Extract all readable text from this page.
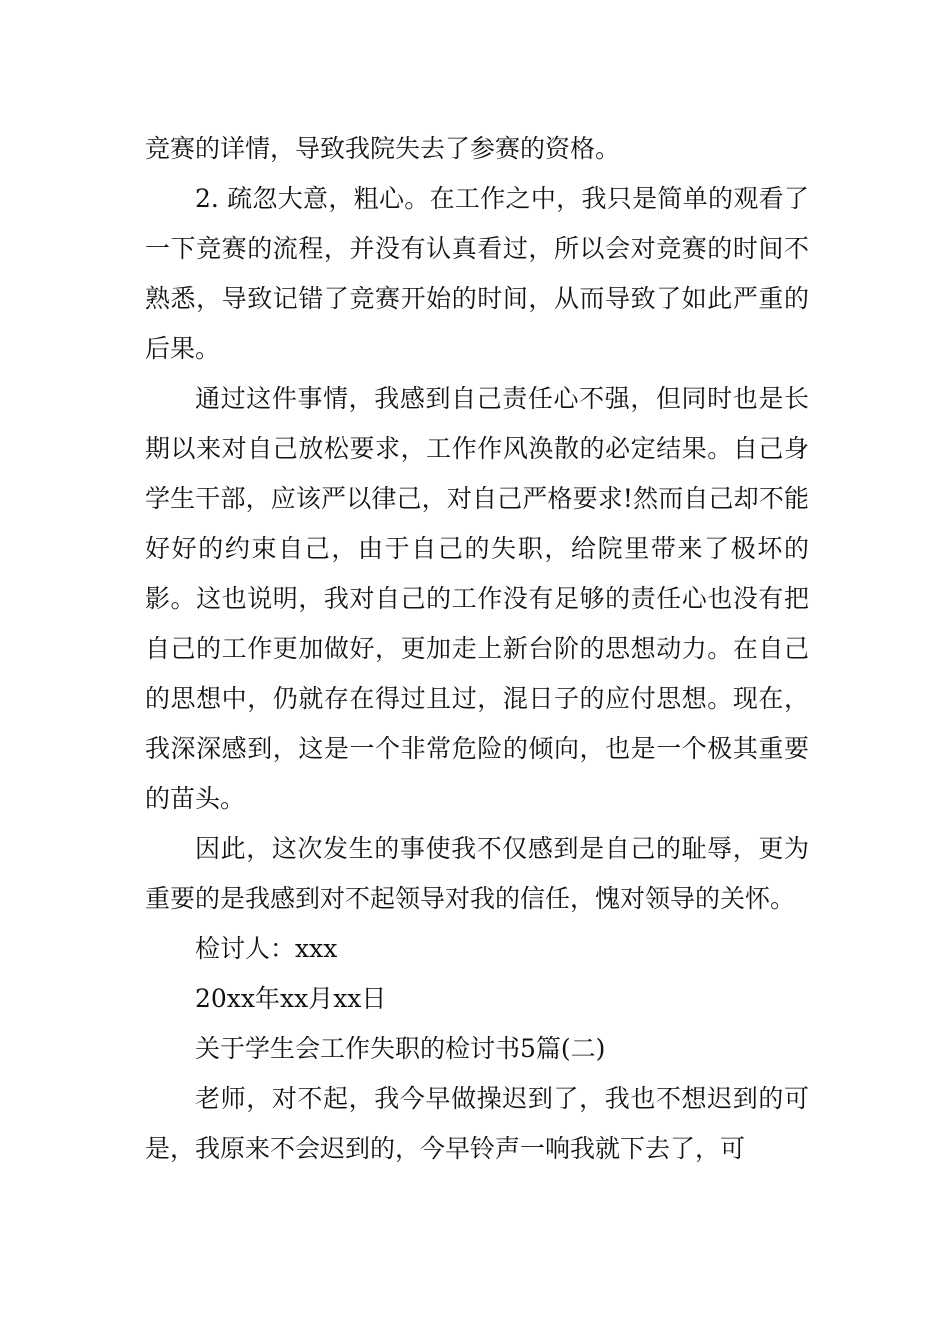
竞赛的详情，导致我院失去了参赛的资格。

2. 疏忽大意，粗心。在工作之中，我只是简单的观看了一下竞赛的流程，并没有认真看过，所以会对竞赛的时间不熟悉，导致记错了竞赛开始的时间，从而导致了如此严重的后果。

通过这件事情，我感到自己责任心不强，但同时也是长期以来对自己放松要求，工作作风涣散的必定结果。自己身学生干部，应该严以律己，对自己严格要求!然而自己却不能好好的约束自己，由于自己的失职，给院里带来了极坏的影。这也说明，我对自己的工作没有足够的责任心也没有把自己的工作更加做好，更加走上新台阶的思想动力。在自己的思想中，仍就存在得过且过，混日子的应付思想。现在，我深深感到，这是一个非常危险的倾向，也是一个极其重要的苗头。

因此，这次发生的事使我不仅感到是自己的耻辱，更为重要的是我感到对不起领导对我的信任，愧对领导的关怀。

检讨人：xxx

20xx年xx月xx日

关于学生会工作失职的检讨书5篇(二)

老师，对不起，我今早做操迟到了，我也不想迟到的可是，我原来不会迟到的，今早铃声一响我就下去了，可
